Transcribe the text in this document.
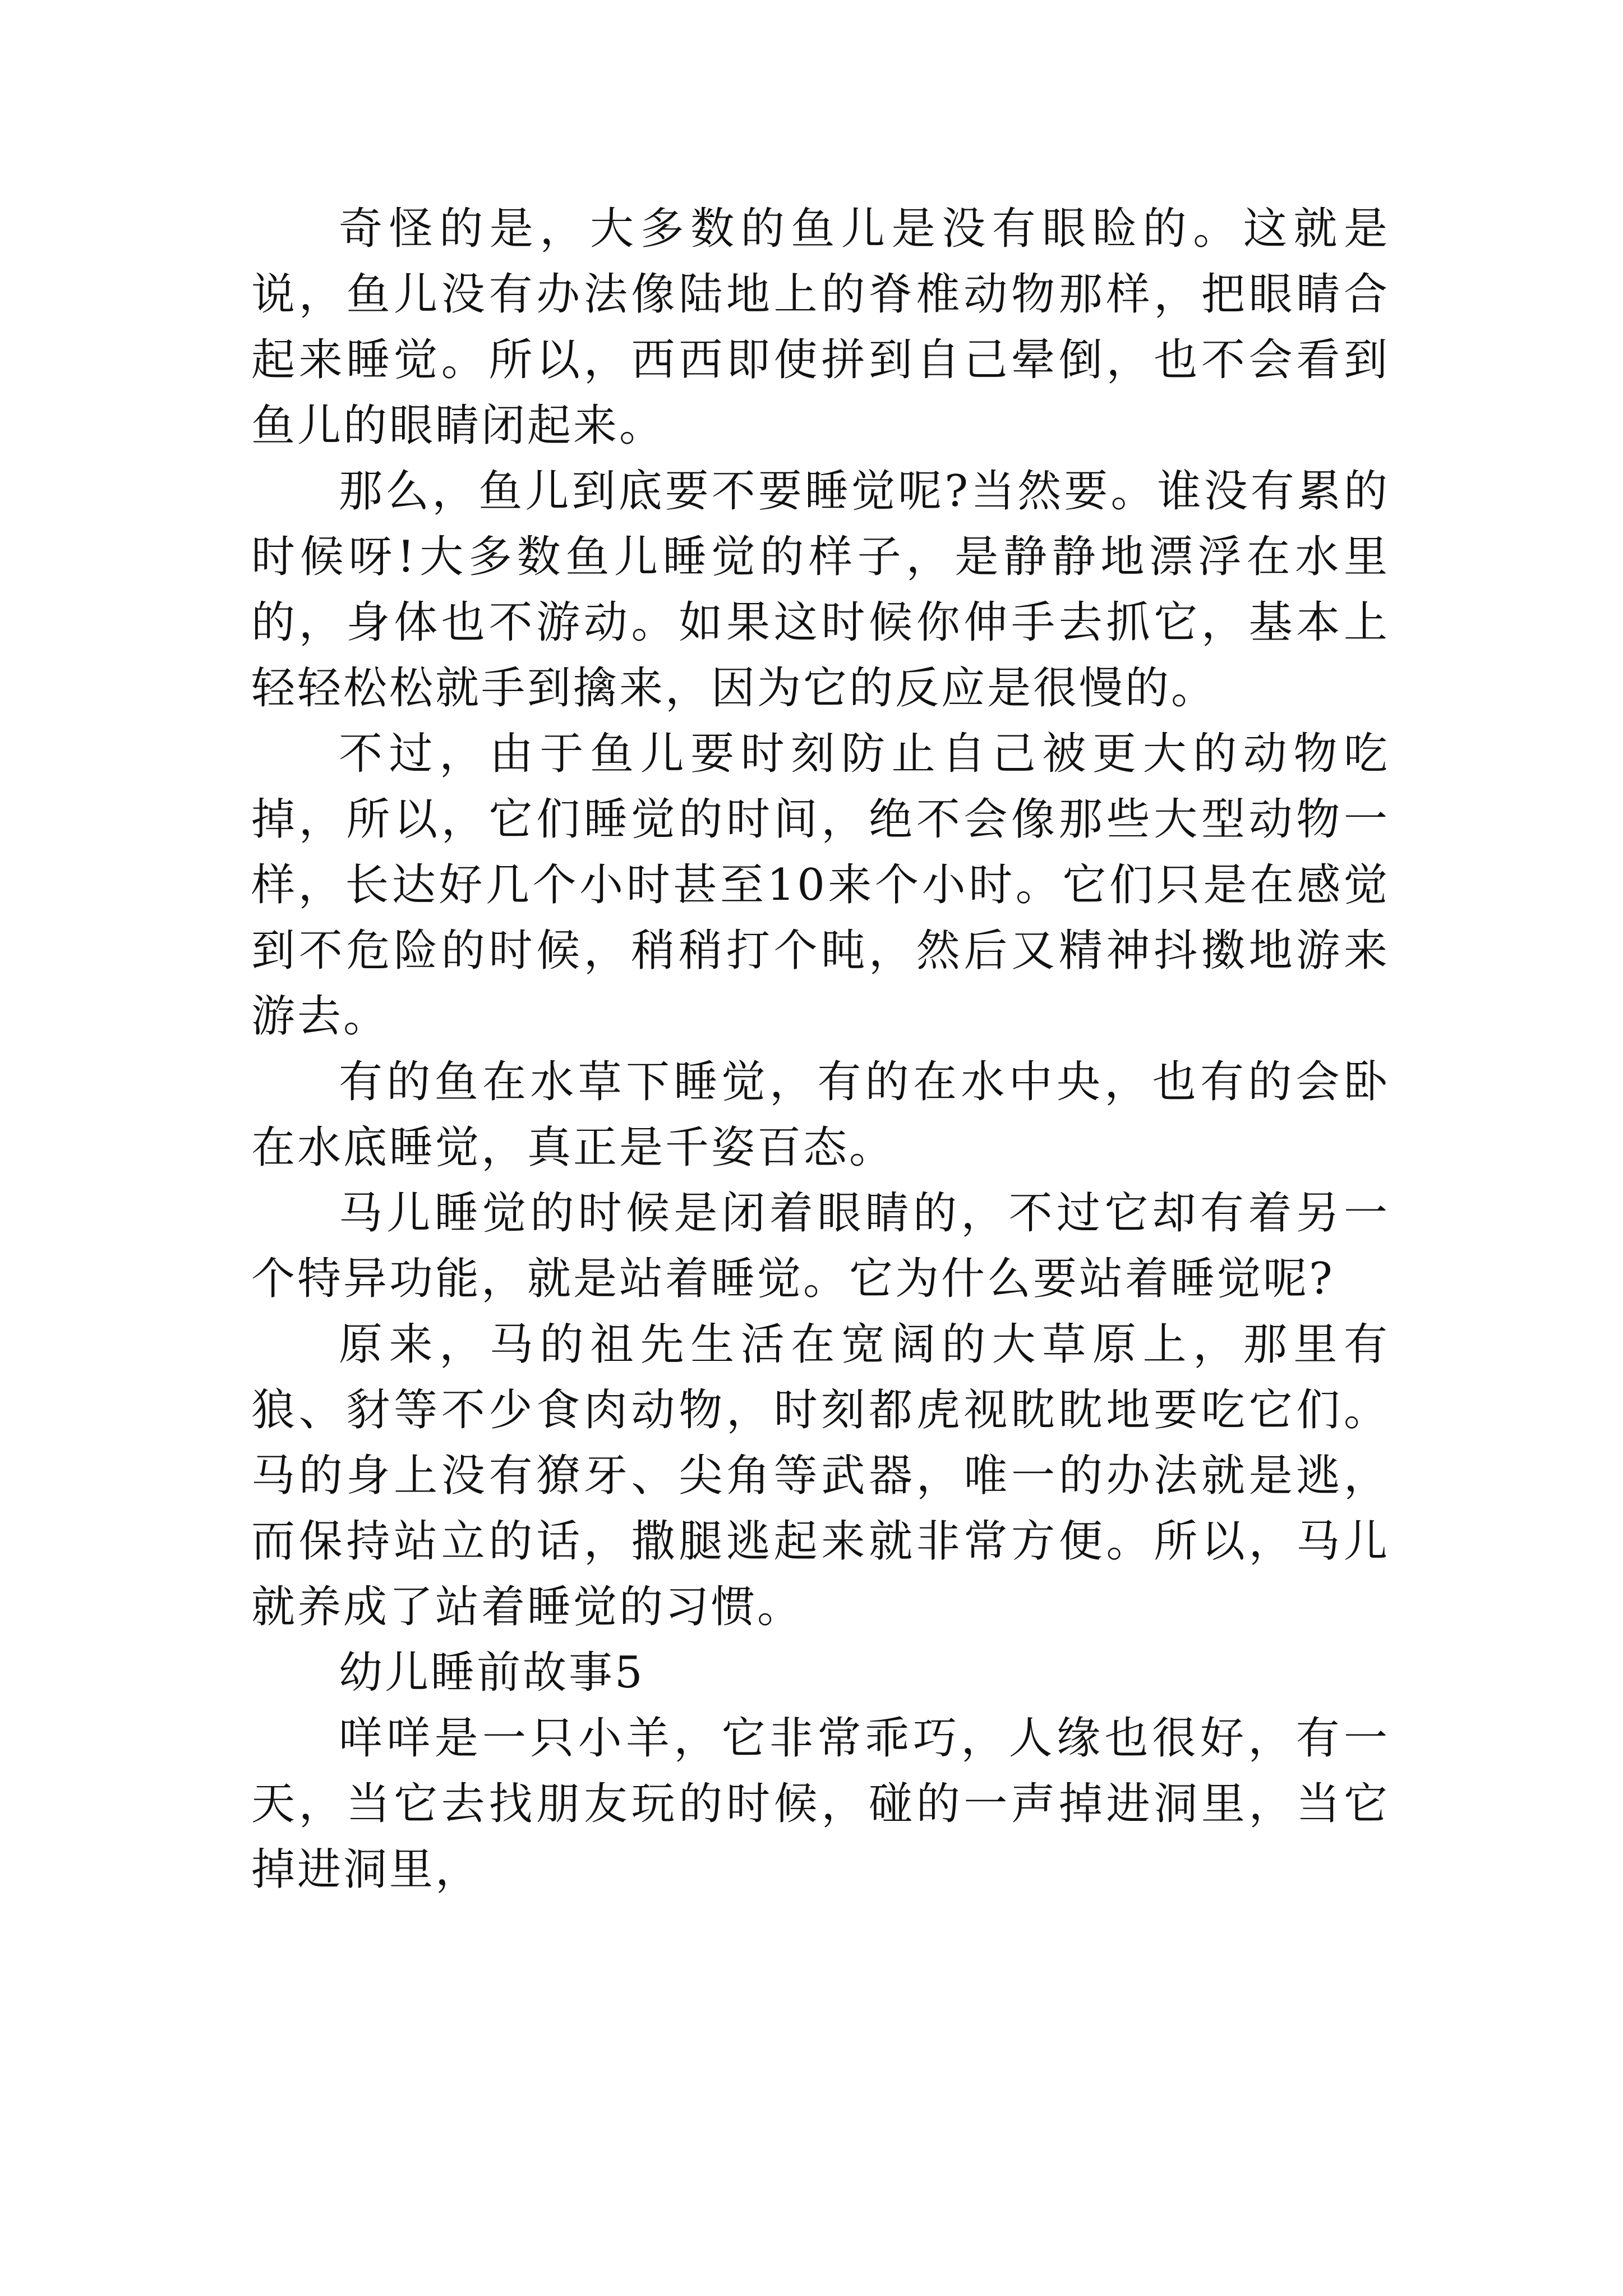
奇怪的是，大多数的鱼儿是没有眼睑的。这就是说，鱼儿没有办法像陆地上的脊椎动物那样，把眼睛合起来睡觉。所以，西西即使拼到自己晕倒，也不会看到鱼儿的眼睛闭起来。

那么，鱼儿到底要不要睡觉呢?当然要。谁没有累的时候呀!大多数鱼儿睡觉的样子，是静静地漂浮在水里的，身体也不游动。如果这时候你伸手去抓它，基本上轻轻松松就手到擒来，因为它的反应是很慢的。

不过，由于鱼儿要时刻防止自己被更大的动物吃掉，所以，它们睡觉的时间，绝不会像那些大型动物一样，长达好几个小时甚至10来个小时。它们只是在感觉到不危险的时候，稍稍打个盹，然后又精神抖擞地游来游去。

有的鱼在水草下睡觉，有的在水中央，也有的会卧在水底睡觉，真正是千姿百态。

马儿睡觉的时候是闭着眼睛的，不过它却有着另一个特异功能，就是站着睡觉。它为什么要站着睡觉呢?

原来，马的祖先生活在宽阔的大草原上，那里有狼、豺等不少食肉动物，时刻都虎视眈眈地要吃它们。马的身上没有獠牙、尖角等武器，唯一的办法就是逃，而保持站立的话，撒腿逃起来就非常方便。所以，马儿就养成了站着睡觉的习惯。

幼儿睡前故事5

咩咩是一只小羊，它非常乖巧，人缘也很好，有一天，当它去找朋友玩的时候，碰的一声掉进洞里，当它掉进洞里，
